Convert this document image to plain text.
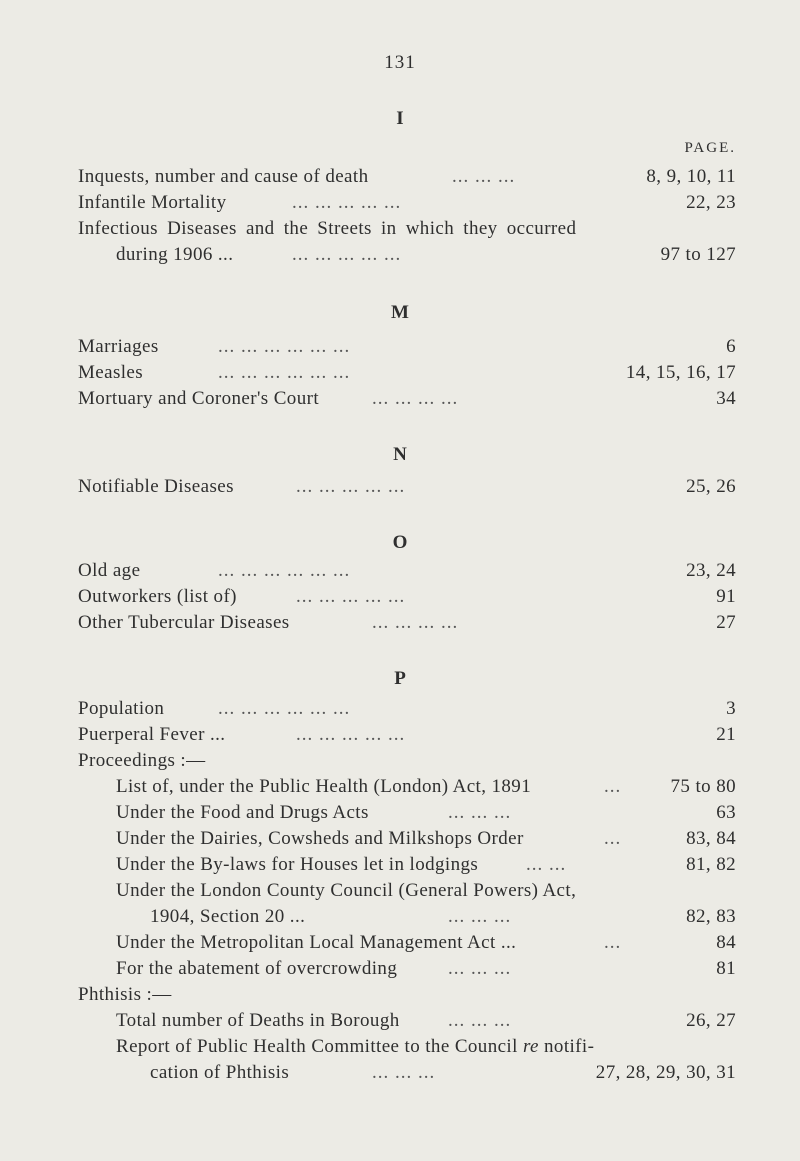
131
I
PAGE.
Inquests, number and cause of death	... ... ...	8, 9, 10, 11
Infantile Mortality	... ... ... ... ...	22, 23
Infectious Diseases and the Streets in which they occurred
during 1906 ...	... ... ... ... ...	97 to 127
M
Marriages	... ... ... ... ... ...	6
Measles	... ... ... ... ... ...	14, 15, 16, 17
Mortuary and Coroner's Court	... ... ... ...	34
N
Notifiable Diseases	... ... ... ... ...	25, 26
O
Old age	... ... ... ... ... ...	23, 24
Outworkers (list of)	... ... ... ... ...	91
Other Tubercular Diseases	... ... ... ...	27
P
Population	... ... ... ... ... ...	3
Puerperal Fever ...	... ... ... ... ...	21
Proceedings :—
List of, under the Public Health (London) Act, 1891	...	75 to 80
Under the Food and Drugs Acts	... ... ...	63
Under the Dairies, Cowsheds and Milkshops Order	...	83, 84
Under the By-laws for Houses let in lodgings	... ...	81, 82
Under the London County Council (General Powers) Act,
1904, Section 20 ...	... ... ...	82, 83
Under the Metropolitan Local Management Act ...	...	84
For the abatement of overcrowding	... ... ...	81
Phthisis :—
Total number of Deaths in Borough	... ... ...	26, 27
Report of Public Health Committee to the Council re notifi-
cation of Phthisis	... ... ...	27, 28, 29, 30, 31
